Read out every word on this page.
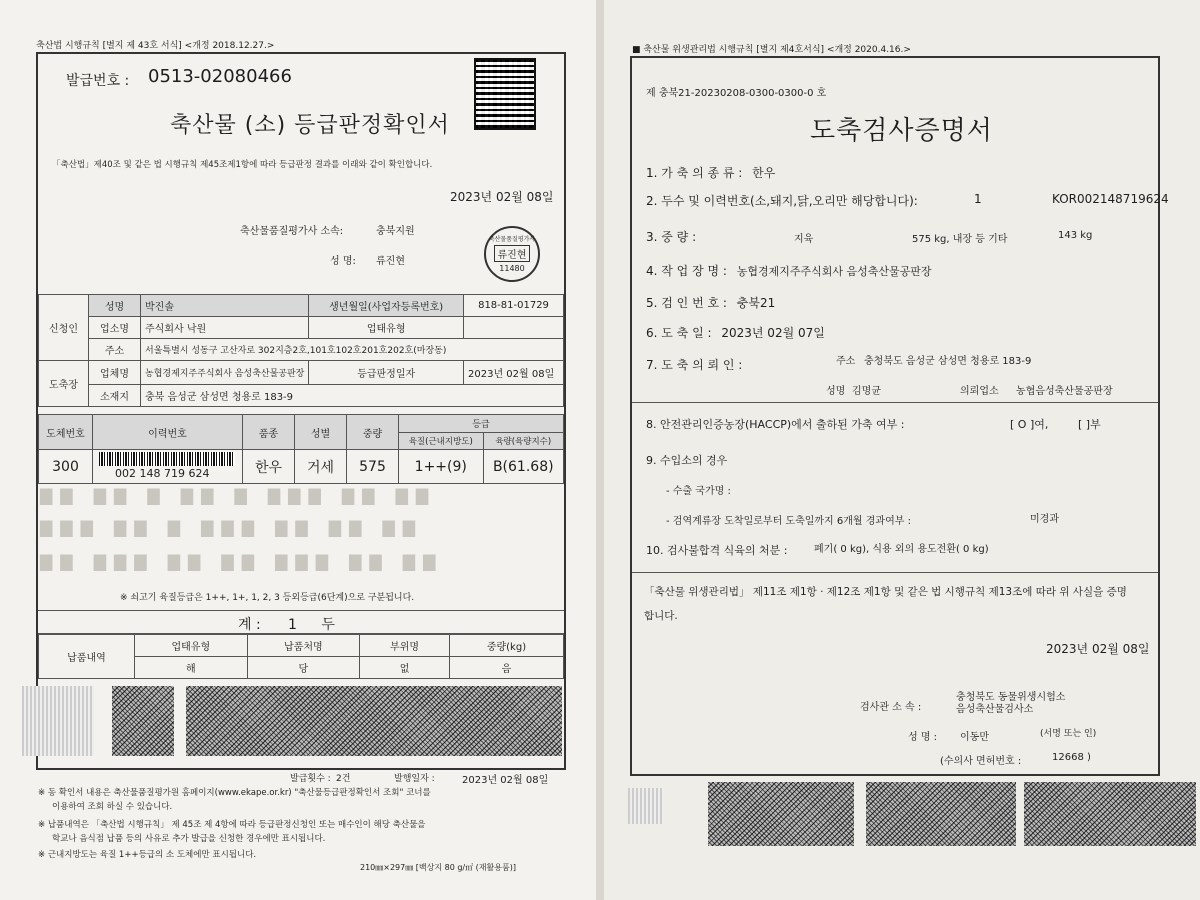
축산법 시행규칙 [별지 제 43호 서식] <개정 2018.12.27.>
발급번호 : 0513-02080466
축산물 (소) 등급판정확인서
「축산법」제40조 및 같은 법 시행규칙 제45조제1항에 따라 등급판정 결과를 이래와 같이 확인합니다.
2023년 02월 08일
축산물품질평가사 소속:	충북지원
성 명: 류진현
축산물품질평가사
류진현
11480
신청인	성명	박진솔	생년월일(사업자등록번호)	818-81-01729
	업소명	주식회사 낙원	업태유형	
	주소	서울특별시 성동구 고산자로 302지층2호,101호102호201호202호(마장동)		
도축장	업체명	농협경제지주주식회사 음성축산물공판장	등급판정일자	2023년 02월 08일
	소재지	충북 음성군 삼성면 청용로 183-9		
도체번호	이력번호	품종	성별	중량	등급	
					육질(근내지방도)	육량(육량지수)
300	002 148 719 624	한우	거세	575	1++(9)	B(61.68)
▇▇ ▇▇ ▇ ▇▇ ▇ ▇▇▇ ▇▇ ▇▇
▇▇▇ ▇▇ ▇ ▇▇▇ ▇▇ ▇▇ ▇▇
▇▇ ▇▇▇ ▇▇ ▇▇ ▇▇▇ ▇▇ ▇▇
※ 쇠고기 육질등급은 1++, 1+, 1, 2, 3 등외등급(6단계)으로 구분됩니다.
계 : 1 두
납품내역	업태유형	납품처명	부위명	중량(kg)
	해	당	없	음
발급횟수 : 2건	발행일자 :	2023년 02월 08일
※ 동 확인서 내용은 축산물품질평가원 홈페이지(www.ekape.or.kr) "축산물등급판정확인서 조회" 코너를
이용하여 조회 하실 수 있습니다.
※ 납품내역은 「축산법 시행규칙」 제 45조 제 4항에 따라 등급판정신청인 또는 매수인이 해당 축산물을
학교나 음식점 납품 등의 사유로 추가 발급을 신청한 경우에만 표시됩니다.
※ 근내지방도는 육질 1++등급의 소 도체에만 표시됩니다.
210㎜×297㎜ [백상지 80 g/㎡ (재활용품)]
■ 축산물 위생관리법 시행규칙 [별지 제4호서식] <개정 2020.4.16.>
제 충북21-20230208-0300-0300-0 호
도축검사증명서
1. 가 축 의 종 류 : 한우
2. 두수 및 이력번호(소,돼지,닭,오리만 해당합니다):	1	KOR002148719624
3. 중 량 :	지육	575 kg, 내장 등 기타	143 kg
4. 작 업 장 명 : 농협경제지주주식회사 음성축산물공판장
5. 검 인 번 호 : 충북21
6. 도 축 일 : 2023년 02월 07일
7. 도 축 의 뢰 인 :	주소 충청북도 음성군 삼성면 청용로 183-9
성명 김명균	의뢰업소 농협음성축산물공판장
8. 안전관리인증농장(HACCP)에서 출하된 가축 여부 :	[ O ]여,	[ ]부
9. 수입소의 경우
- 수출 국가명 :
- 검역계류장 도착일로부터 도축일까지 6개월 경과여부 :	미경과
10. 검사불합격 식육의 처분 :	폐기( 0 kg), 식용 외의 용도전환( 0 kg)
「축산물 위생관리법」 제11조 제1항 · 제12조 제1항 및 같은 법 시행규칙 제13조에 따라 위 사실을 증명
합니다.
2023년 02월 08일
검사관 소 속 :
충청북도 동물위생시험소
음성축산물검사소
성 명 : 이동만	(서명 또는 인)
(수의사 면허번호 :	12668 )
